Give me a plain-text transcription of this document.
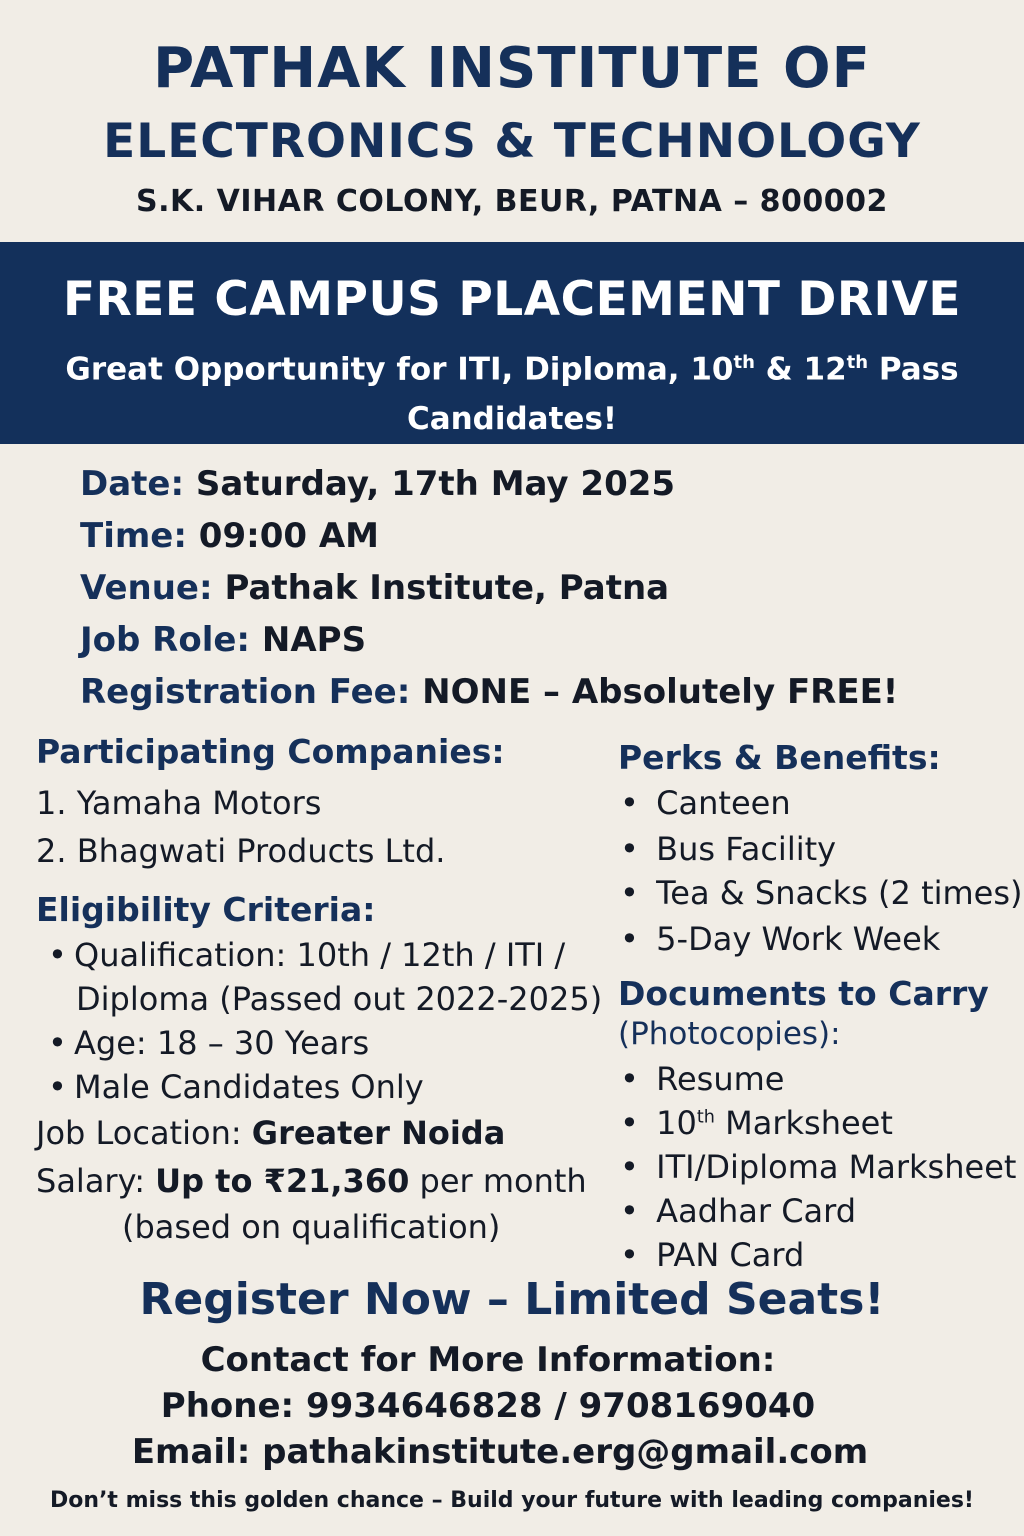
PATHAK INSTITUTE OF
ELECTRONICS & TECHNOLOGY
S.K. VIHAR COLONY, BEUR, PATNA – 800002
FREE CAMPUS PLACEMENT DRIVE
Great Opportunity for ITI, Diploma, 10th & 12th Pass Candidates!
Date: Saturday, 17th May 2025
Time: 09:00 AM
Venue: Pathak Institute, Patna
Job Role: NAPS
Registration Fee: NONE – Absolutely FREE!
Participating Companies:
1. Yamaha Motors
2. Bhagwati Products Ltd.
Eligibility Criteria:
• Qualification: 10th / 12th / ITI /
Diploma (Passed out 2022-2025)
• Age: 18 – 30 Years
• Male Candidates Only
Job Location: Greater Noida
Salary: Up to ₹21,360 per month
(based on qualification)
Perks & Benefits:
• Canteen
• Bus Facility
• Tea & Snacks (2 times)
• 5-Day Work Week
Documents to Carry
(Photocopies):
• Resume
• 10th Marksheet
• ITI/Diploma Marksheet
• Aadhar Card
• PAN Card
Register Now – Limited Seats!
Contact for More Information:
Phone: 9934646828 / 9708169040
Email: pathakinstitute.erg@gmail.com
Don’t miss this golden chance – Build your future with leading companies!
